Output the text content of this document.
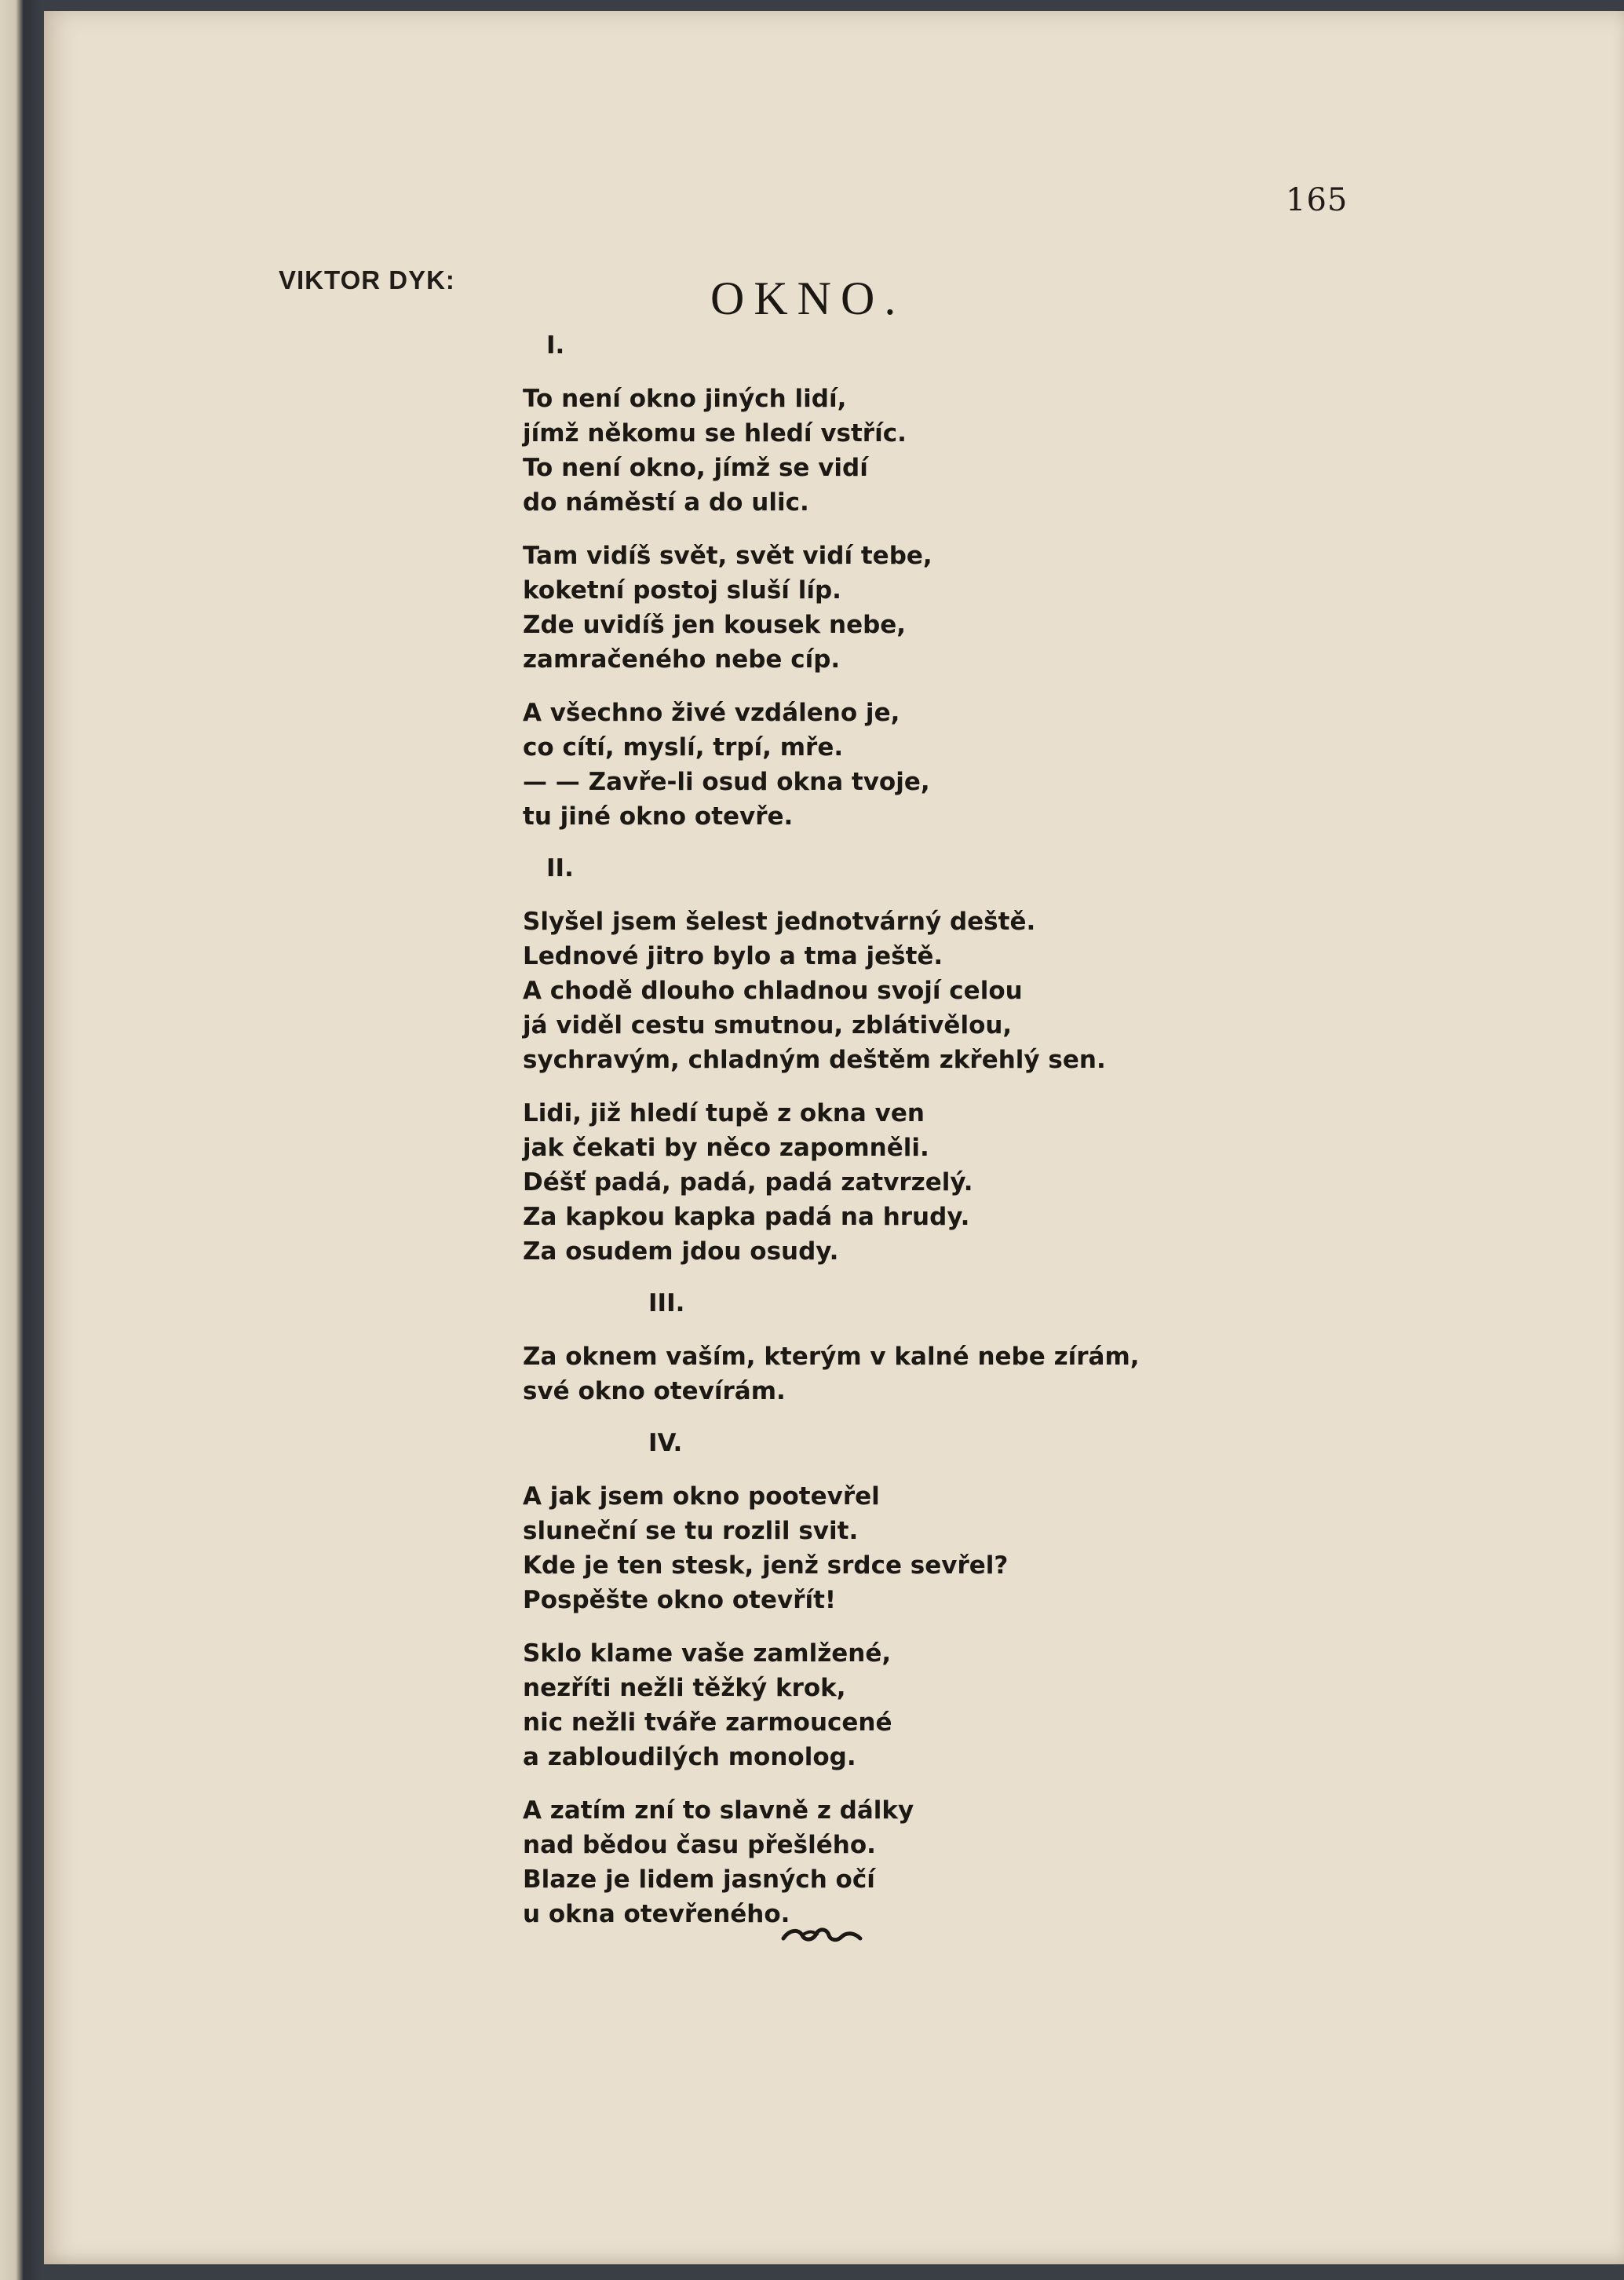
165
VIKTOR DYK:	OKNO.
I.
To není okno jiných lidí,
jímž někomu se hledí vstříc.
To není okno, jímž se vidí
do náměstí a do ulic.
Tam vidíš svět, svět vidí tebe,
koketní postoj sluší líp.
Zde uvidíš jen kousek nebe,
zamračeného nebe cíp.
A všechno živé vzdáleno je,
co cítí, myslí, trpí, mře.
— — Zavře-li osud okna tvoje,
tu jiné okno otevře.
II.
Slyšel jsem šelest jednotvárný deště.
Lednové jitro bylo a tma ještě.
A chodě dlouho chladnou svojí celou
já viděl cestu smutnou, zblátivělou,
sychravým, chladným deštěm zkřehlý sen.
Lidi, již hledí tupě z okna ven
jak čekati by něco zapomněli.
Déšť padá, padá, padá zatvrzelý.
Za kapkou kapka padá na hrudy.
Za osudem jdou osudy.
III.
Za oknem vaším, kterým v kalné nebe zírám,
své okno otevírám.
IV.
A jak jsem okno pootevřel
sluneční se tu rozlil svit.
Kde je ten stesk, jenž srdce sevřel?
Pospěšte okno otevřít!
Sklo klame vaše zamlžené,
nezříti nežli těžký krok,
nic nežli tváře zarmoucené
a zabloudilých monolog.
A zatím zní to slavně z dálky
nad bědou času přešlého.
Blaze je lidem jasných očí
u okna otevřeného.
